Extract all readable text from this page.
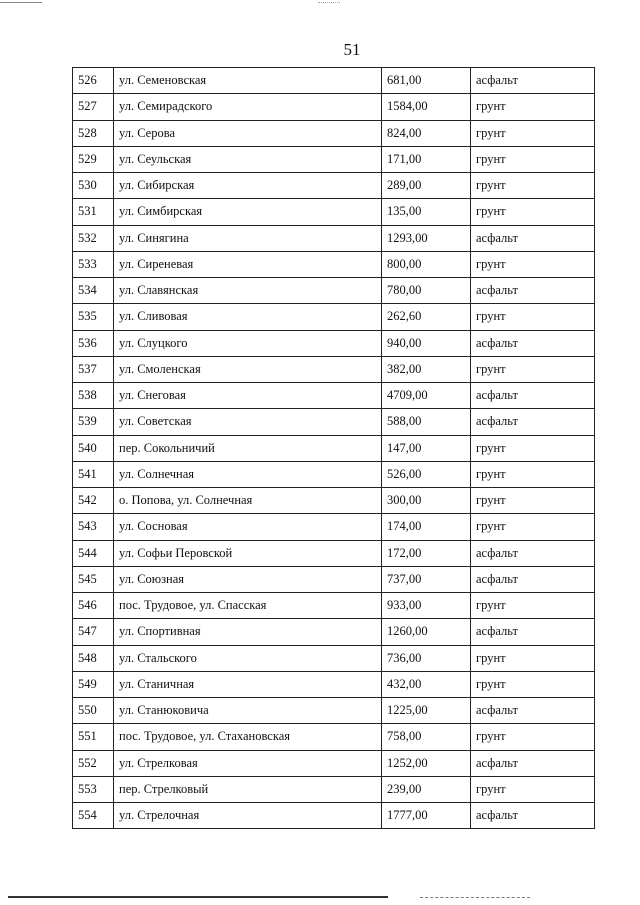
51
526	ул. Семеновская	681,00	асфальт
527	ул. Семирадского	1584,00	грунт
528	ул. Серова	824,00	грунт
529	ул. Сеульская	171,00	грунт
530	ул. Сибирская	289,00	грунт
531	ул. Симбирская	135,00	грунт
532	ул. Синягина	1293,00	асфальт
533	ул. Сиреневая	800,00	грунт
534	ул. Славянская	780,00	асфальт
535	ул. Сливовая	262,60	грунт
536	ул. Слуцкого	940,00	асфальт
537	ул. Смоленская	382,00	грунт
538	ул. Снеговая	4709,00	асфальт
539	ул. Советская	588,00	асфальт
540	пер. Сокольничий	147,00	грунт
541	ул. Солнечная	526,00	грунт
542	о. Попова, ул. Солнечная	300,00	грунт
543	ул. Сосновая	174,00	грунт
544	ул. Софьи Перовской	172,00	асфальт
545	ул. Союзная	737,00	асфальт
546	пос. Трудовое, ул. Спасская	933,00	грунт
547	ул. Спортивная	1260,00	асфальт
548	ул. Стальского	736,00	грунт
549	ул. Станичная	432,00	грунт
550	ул. Станюковича	1225,00	асфальт
551	пос. Трудовое, ул. Стахановская	758,00	грунт
552	ул. Стрелковая	1252,00	асфальт
553	пер. Стрелковый	239,00	грунт
554	ул. Стрелочная	1777,00	асфальт
